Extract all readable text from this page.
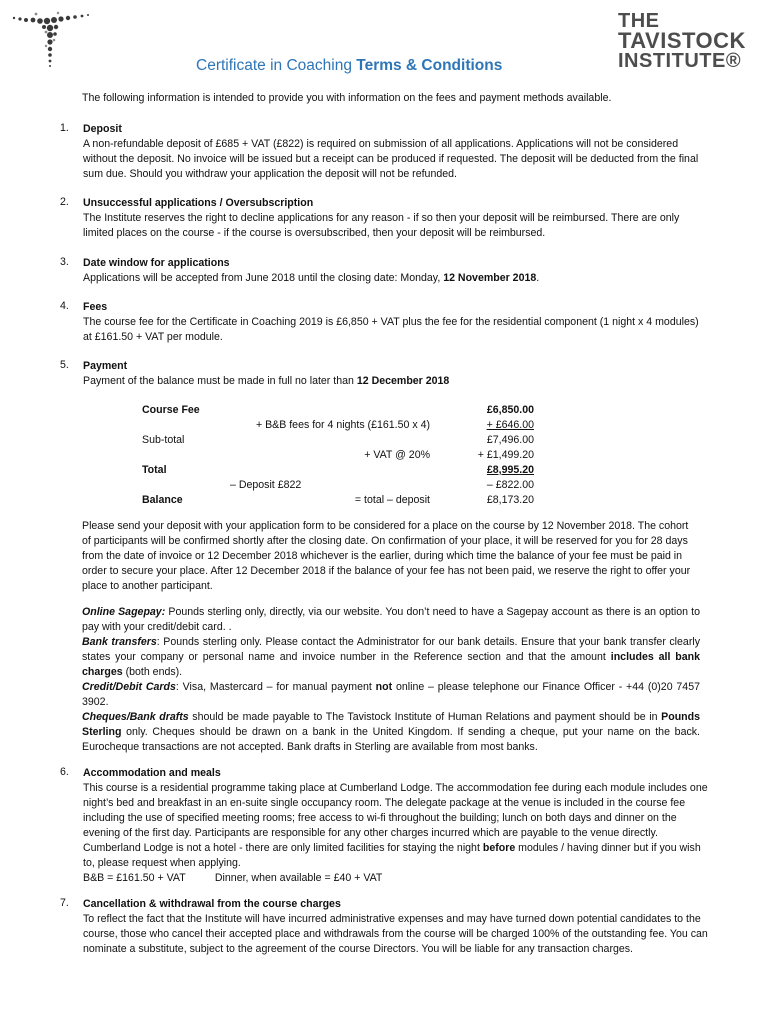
THE
TAVISTOCK
INSTITUTE®
Certificate in Coaching Terms & Conditions
The following information is intended to provide you with information on the fees and payment methods available.
1.	Deposit

A non-refundable deposit of £685 + VAT (£822) is required on submission of all applications. Applications will not be considered without the deposit. No invoice will be issued but a receipt can be produced if requested. The deposit will be deducted from the final sum due. Should you withdraw your application the deposit will not be refunded.

2.	Unsuccessful applications / Oversubscription

The Institute reserves the right to decline applications for any reason - if so then your deposit will be reimbursed. There are only limited places on the course - if the course is oversubscribed, then your deposit will be reimbursed.

3.	Date window for applications

Applications will be accepted from June 2018 until the closing date: Monday, 12 November 2018.

4.	Fees

The course fee for the Certificate in Coaching 2019 is £6,850 + VAT plus the fee for the residential component (1 night x 4 modules) at £161.50 + VAT per module.

5.	Payment

Payment of the balance must be made in full no later than 12 December 2018

Course Fee	£6,850.00
+ B&B fees for 4 nights (£161.50 x 4)	+ £646.00
Sub-total	£7,496.00
+ VAT @ 20%	+ £1,499.20
Total	£8,995.20
– Deposit £822	– £822.00
Balance	= total – deposit	£8,173.20
Please send your deposit with your application form to be considered for a place on the course by 12 November 2018. The cohort of participants will be confirmed shortly after the closing date. On confirmation of your place, it will be reserved for you for 28 days from the date of invoice or 12 December 2018 whichever is the earlier, during which time the balance of your fee must be paid in order to secure your place. After 12 December 2018 if the balance of your fee has not been paid, we reserve the right to offer your place to another participant.

Online Sagepay: Pounds sterling only, directly, via our website. You don’t need to have a Sagepay account as there is an option to pay with your credit/debit card. .

Bank transfers: Pounds sterling only. Please contact the Administrator for our bank details. Ensure that your bank transfer clearly states your company or personal name and invoice number in the Reference section and that the amount includes all bank charges (both ends).

Credit/Debit Cards: Visa, Mastercard – for manual payment not online – please telephone our Finance Officer - +44 (0)20 7457 3902.

Cheques/Bank drafts should be made payable to The Tavistock Institute of Human Relations and payment should be in Pounds Sterling only. Cheques should be drawn on a bank in the United Kingdom. If sending a cheque, put your name on the back. Eurocheque transactions are not accepted. Bank drafts in Sterling are available from most banks.

6.	Accommodation and meals

This course is a residential programme taking place at Cumberland Lodge. The accommodation fee during each module includes one night’s bed and breakfast in an en-suite single occupancy room. The delegate package at the venue is included in the course fee including the use of specified meeting rooms; free access to wi-fi throughout the building; lunch on both days and dinner on the evening of the first day. Participants are responsible for any other charges incurred which are payable to the venue directly. Cumberland Lodge is not a hotel - there are only limited facilities for staying the night before modules / having dinner but if you wish to, please request when applying.

B&B = £161.50 + VAT          Dinner, when available = £40 + VAT

7.	Cancellation & withdrawal from the course charges

To reflect the fact that the Institute will have incurred administrative expenses and may have turned down potential candidates to the course, those who cancel their accepted place and withdrawals from the course will be charged 100% of the outstanding fee. You can nominate a substitute, subject to the agreement of the course Directors. You will be liable for any transaction charges.
